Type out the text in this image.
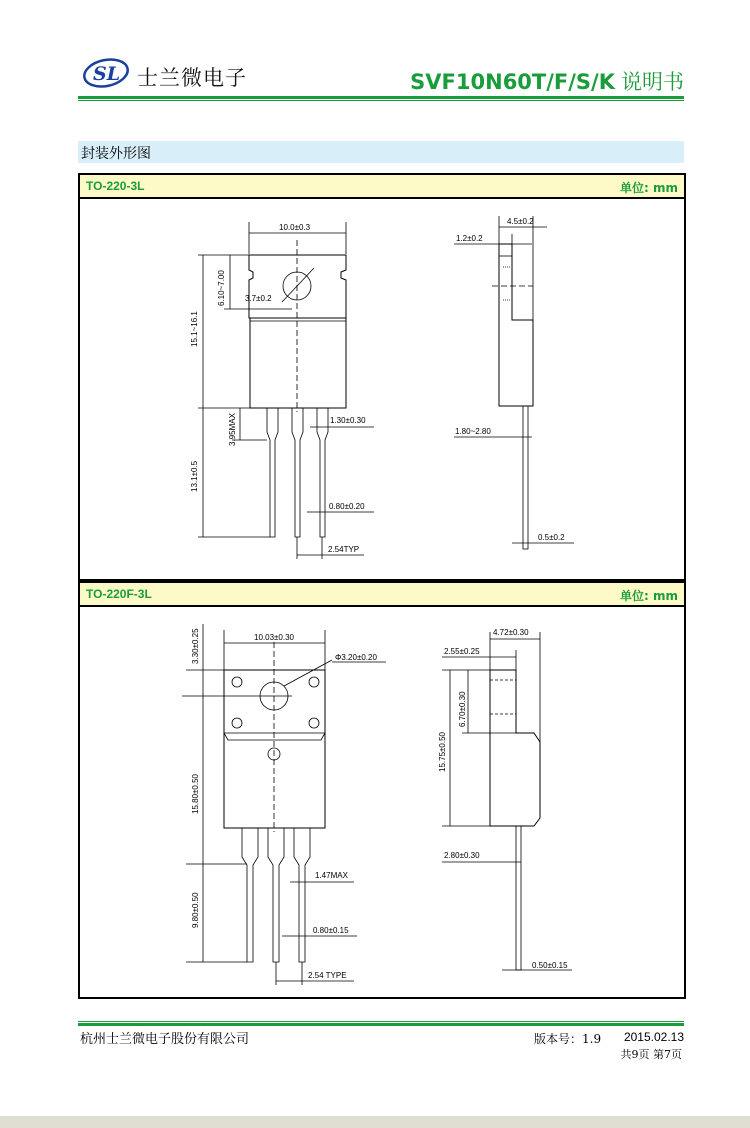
SL 士兰微电子	SVF10N60T/F/S/K 说明书
封装外形图
TO-220-3L	单位: mm
10.0±0.3
6.10~7.00 3.7±0.2
15.1~16.1
3.95MAX
13.1±0.5
1.30±0.30
0.80±0.20
2.54TYP
4.5±0.2
1.2±0.2
1.80~2.80
0.5±0.2
TO-220F-3L	单位: mm
3.30±0.25	10.03±0.30
Φ3.20±0.20
15.80±0.50
9.80±0.50
1.47MAX
0.80±0.15
2.54 TYPE
4.72±0.30
2.55±0.25
6.70±0.30
15.75±0.50
2.80±0.30
0.50±0.15
杭州士兰微电子股份有限公司	版本号：1.9 2015.02.13
共9页 第7页
